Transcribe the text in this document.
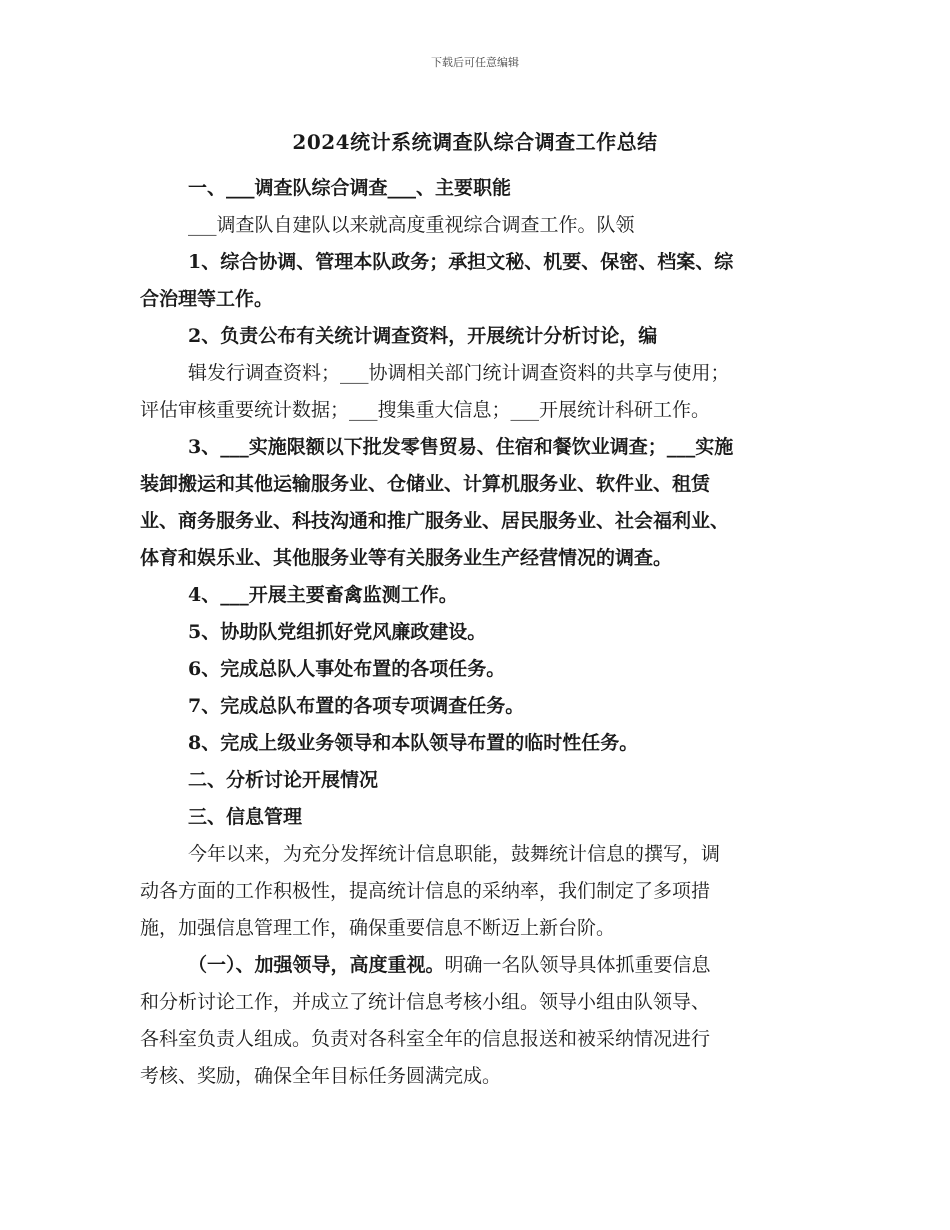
下载后可任意编辑
2024统计系统调查队综合调查工作总结

一、___调查队综合调查___、主要职能

___调查队自建队以来就高度重视综合调查工作。队领

1、综合协调、管理本队政务；承担文秘、机要、保密、档案、综

合治理等工作。

2、负责公布有关统计调查资料，开展统计分析讨论，编

辑发行调查资料；___协调相关部门统计调查资料的共享与使用；

评估审核重要统计数据；___搜集重大信息；___开展统计科研工作。

3、___实施限额以下批发零售贸易、住宿和餐饮业调查；___实施

装卸搬运和其他运输服务业、仓储业、计算机服务业、软件业、租赁

业、商务服务业、科技沟通和推广服务业、居民服务业、社会福利业、

体育和娱乐业、其他服务业等有关服务业生产经营情况的调查。

4、___开展主要畜禽监测工作。

5、协助队党组抓好党风廉政建设。

6、完成总队人事处布置的各项任务。

7、完成总队布置的各项专项调查任务。

8、完成上级业务领导和本队领导布置的临时性任务。

二、分析讨论开展情况

三、信息管理

今年以来，为充分发挥统计信息职能，鼓舞统计信息的撰写，调

动各方面的工作积极性，提高统计信息的采纳率，我们制定了多项措

施，加强信息管理工作，确保重要信息不断迈上新台阶。

（一）、加强领导，高度重视。明确一名队领导具体抓重要信息

和分析讨论工作，并成立了统计信息考核小组。领导小组由队领导、

各科室负责人组成。负责对各科室全年的信息报送和被采纳情况进行

考核、奖励，确保全年目标任务圆满完成。
